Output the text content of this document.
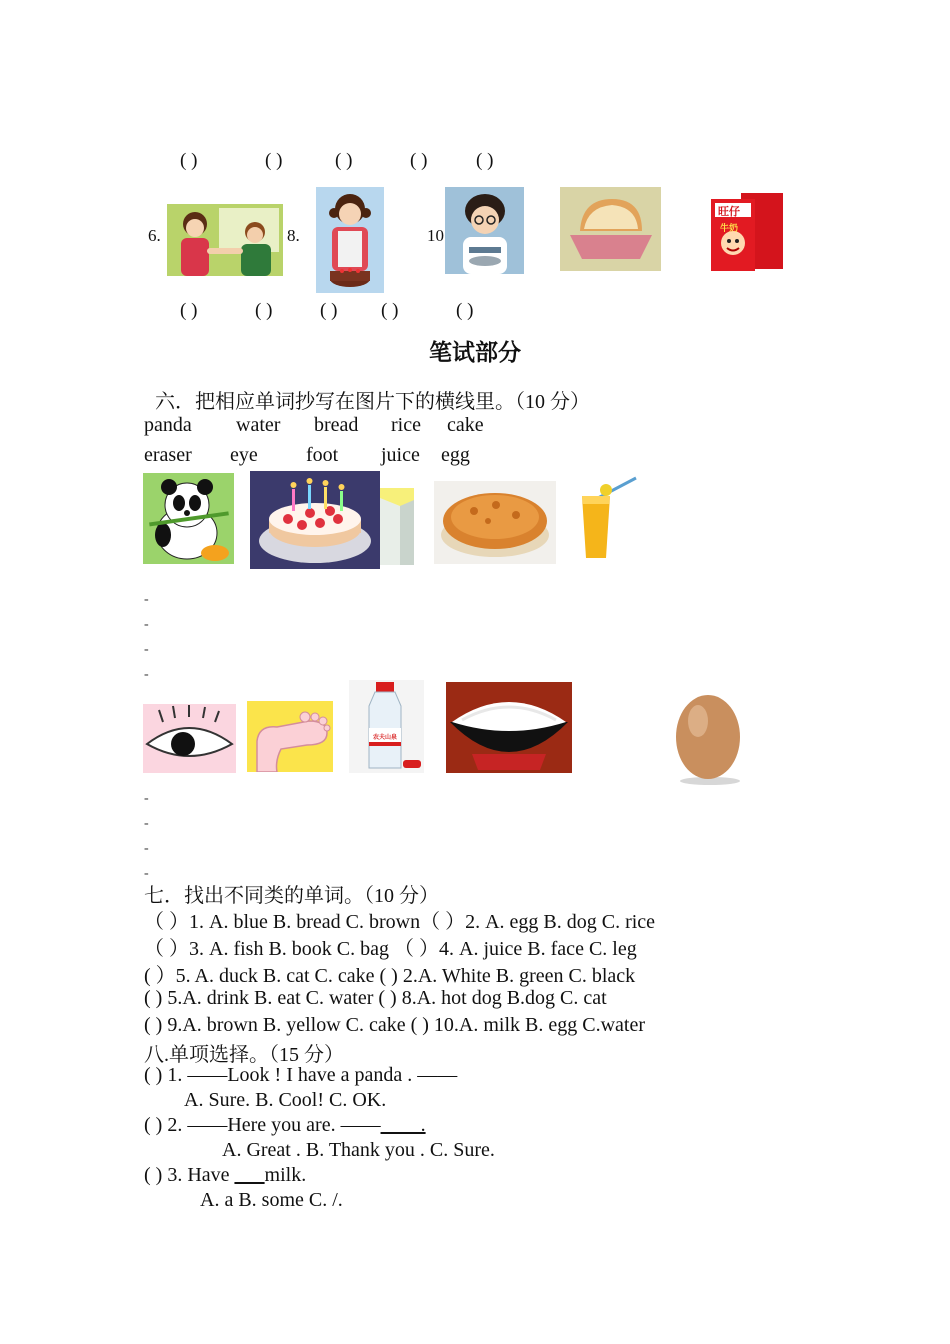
( )	( )	( )	( )	( )
6.	8.	10
旺仔
牛奶
( )	( )	( ) ( )	( )
笔试部分
六．把相应单词抄写在图片下的横线里。（10 分）
panda water bread rice cake
eraser eye foot juice egg
-
-
-
-
农夫山泉
-
-
-
-
七．找出不同类的单词。（10 分）
（ ）1. A. blue B. bread C. brown（ ）2. A. egg B. dog C. rice
（ ）3. A. fish B. book C. bag （ ）4. A. juice B. face C. leg
( ）5. A. duck B. cat C. cake ( ) 2.A. White B. green C. black
( ) 5.A. drink B. eat C. water ( ) 8.A. hot dog B.dog C. cat
( ) 9.A. brown B. yellow C. cake ( ) 10.A. milk B. egg C.water
八.单项选择。（15 分）
( ) 1. ——Look ! I have a panda . ——
A. Sure. B. Cool! C. OK.
( ) 2. ——Here you are. ——____.
A. Great . B. Thank you . C. Sure.
( ) 3. Have ___milk.
A. a B. some C. /.
